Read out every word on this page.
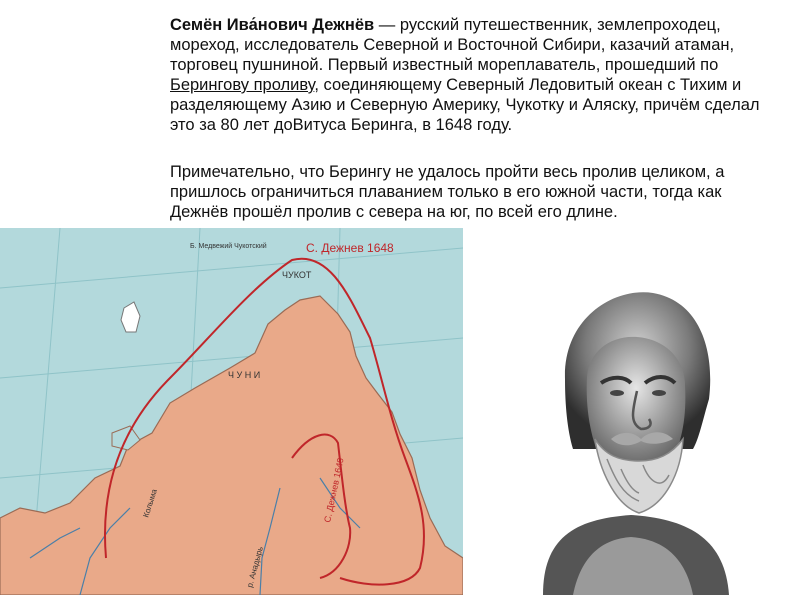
Семён Ива́нович Дежнёв — русский путешественник, землепроходец, мореход, исследователь Северной и Восточной Сибири, казачий атаман, торговец пушниной. Первый известный мореплаватель, прошедший по Берингову проливу, соединяющему Северный Ледовитый океан с Тихим и разделяющему Азию и Северную Америку, Чукотку и Аляску, причём сделал это за 80 лет доВитуса Беринга, в 1648 году.

Примечательно, что Берингу не удалось пройти весь пролив целиком, а пришлось ограничиться плаванием только в его южной части, тогда как Дежнёв прошёл пролив с севера на юг, по всей его длине.

С. Дежнев 1648
Б. Медвежий Чукотский
ЧУКОТ
Ч У Н И
С. Дежнев 1649
Колыма
р. Анадырь
